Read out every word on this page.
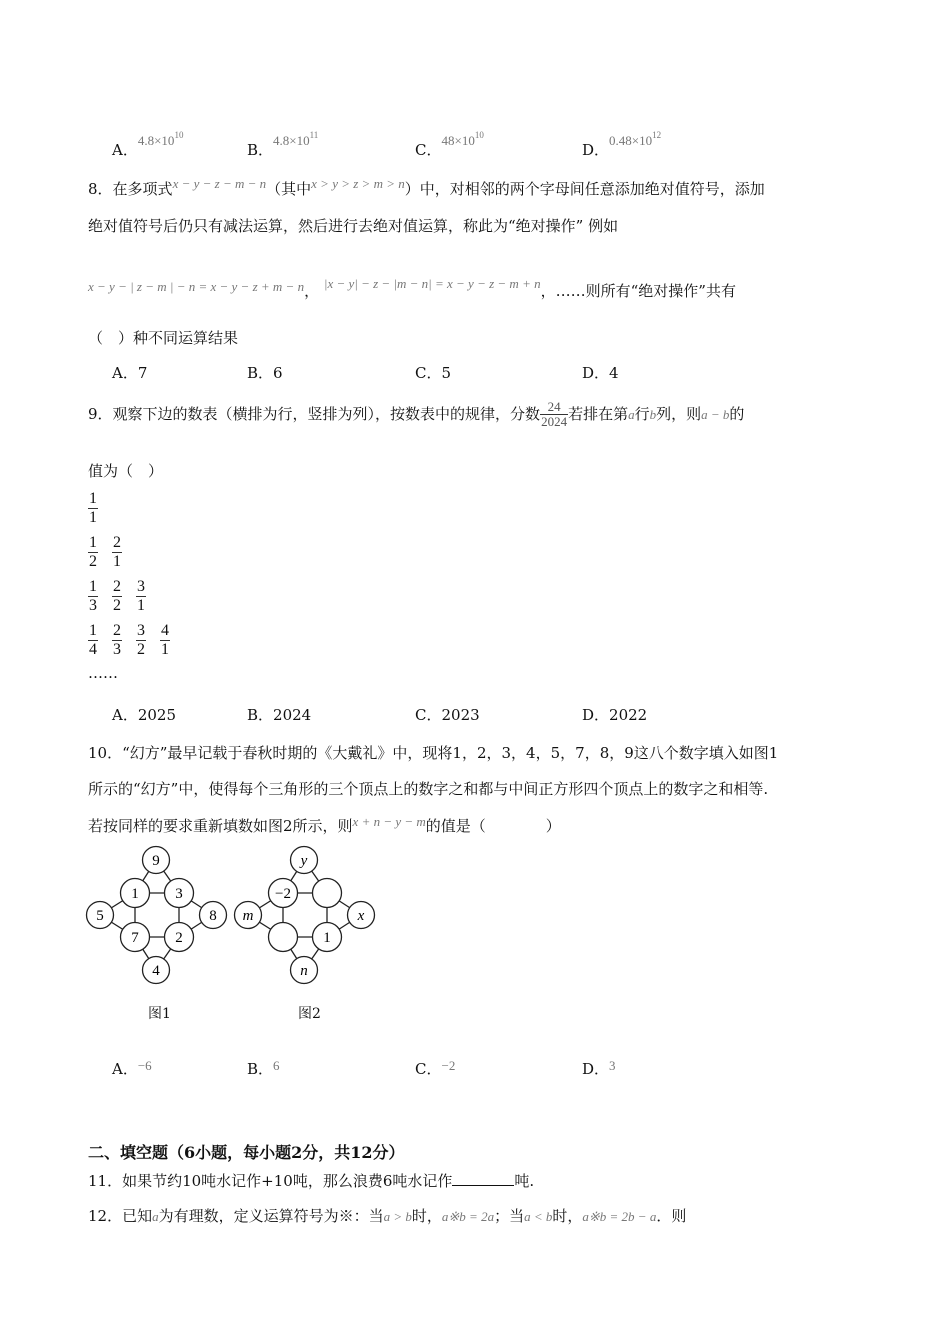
A．$4.8\times 10^{10}$
B．$4.8\times 10^{11}$
C．$48\times 10^{10}$
D．$0.48\times 10^{12}$
8．在多项式x − y − z − m − n（其中x > y > z > m > n）中，对相邻的两个字母间任意添加绝对值符号，添加
绝对值符号后仍只有减法运算，然后进行去绝对值运算，称此为“绝对操作” 例如
x − y − | z − m | − n = x − y − z + m − n， |x − y| − z − |m − n| = x − y − z − m + n，……则所有“绝对操作”共有
（　）种不同运算结果
A．7	B．6	C．5	D．4
9．观察下边的数表（横排为行，竖排为列），按数表中的规律，分数 $\frac{24}{2024}$ 若排在第a行b列，则a − b的
值为（　）
$\frac{1}{1}$
$\frac{1}{2} \frac{2}{1}$
$\frac{1}{3} \frac{2}{2} \frac{3}{1}$
$\frac{1}{4} \frac{2}{3} \frac{3}{2} \frac{4}{1}$
……
A．2025	B．2024	C．2023	D．2022
10．“幻方”最早记载于春秋时期的《大戴礼》中，现将1，2，3，4，5，7，8，9这八个数字填入如图1
所示的“幻方”中，使得每个三角形的三个顶点上的数字之和都与中间正方形四个顶点上的数字之和相等.
若按同样的要求重新填数如图2所示，则x + n − y − m的值是（　　　　）
9
1 3
5	8
7 2
4
y
−2
m	x
1
n
图1	图2
A．−6	B．6	C．−2	D．3
二、填空题（6小题，每小题2分，共12分）
11．如果节约10吨水记作+10吨，那么浪费6吨水记作	吨.
12．已知a为有理数，定义运算符号为※：当a > b时，a※b = 2a；当a < b时，a※b = 2b − a．则
